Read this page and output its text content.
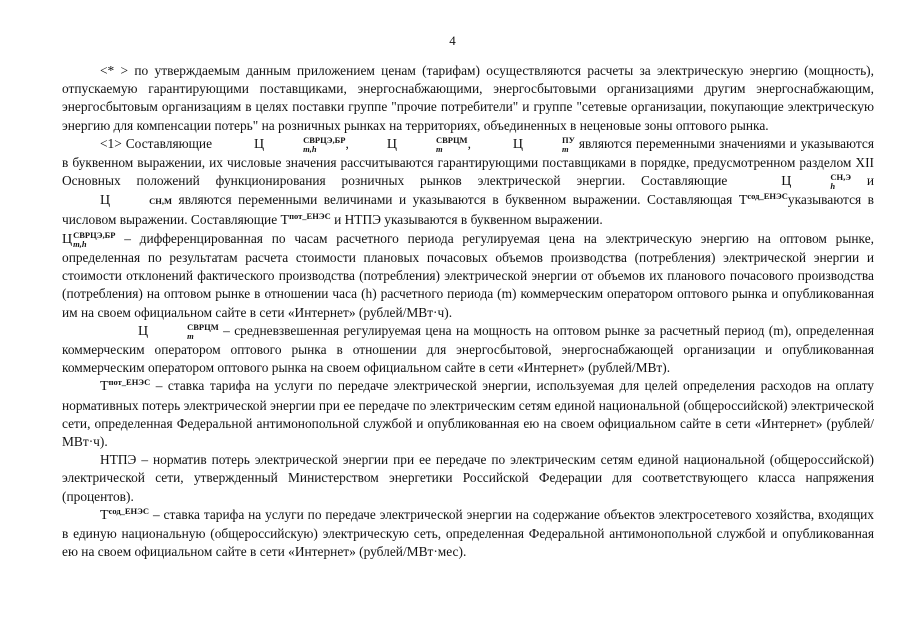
4

<* > по утверждаемым данным приложением ценам (тарифам) осуществляются расчеты за электрическую энергию (мощность), отпускаемую гарантирующими поставщиками, энергоснабжающими, энергосбытовыми организациями другим энергоснабжающим, энергосбытовым организациям в целях поставки группе "прочие потребители" и группе "сетевые организации, покупающие электрическую энергию для компенсации потерь" на розничных рынках на территориях, объединенных в неценовые зоны оптового рынка.

<1> Составляющие	Ц	СВРЦЭ,БР
m,h	,	Ц	СВРЦМ
m	,	Ц	ПУ
m являются переменными значениями и указываются в буквенном выражении, их числовые значения рассчитываются гарантирующими поставщиками в порядке, предусмотренном разделом XII Основных положений функционирования розничных рынков электрической энергии. Составляющие	Ц	СН,Э
h	и Ц	СН,М являются переменными величинами и указываются в буквенном выражении. Составляющая $Т^{сод\_ЕНЭС}указываются$ в числовом выражении. Составляющие $Т^{пот\_ЕНЭС}$ и НТПЭ указываются в буквенном выражении.

Ц СВРЦЭ,БР
m,h	– дифференцированная по часам расчетного периода регулируемая цена на электрическую энергию на оптовом рынке, определенная по результатам расчета стоимости плановых почасовых объемов производства (потребления) электрической энергии и стоимости отклонений фактического производства (потребления) электрической энергии от объемов их планового почасового производства (потребления) на оптовом рынке в отношении часа (h) расчетного периода (m) коммерческим оператором оптового рынка и опубликованная им на своем официальном сайте в сети «Интернет» (рублей/МВт·ч).

Ц	СВРЦМ
m	– средневзвешенная регулируемая цена на мощность на оптовом рынке за расчетный период (m), определенная коммерческим оператором оптового рынка в отношении для энергосбытовой, энергоснабжающей организации и опубликованная коммерческим оператором оптового рынка на своем официальном сайте в сети «Интернет» (рублей/МВт).

$Т^{пот\_ЕНЭС}$ – ставка тарифа на услуги по передаче электрической энергии, используемая для целей определения расходов на оплату нормативных потерь электрической энергии при ее передаче по электрическим сетям единой национальной (общероссийской) электрической сети, определенная Федеральной антимонопольной службой и опубликованная ею на своем официальном сайте в сети «Интернет» (рублей/МВт·ч).

НТПЭ – норматив потерь электрической энергии при ее передаче по электрическим сетям единой национальной (общероссийской) электрической сети, утвержденный Министерством энергетики Российской Федерации для соответствующего класса напряжения (процентов).

$Т^{сод\_ЕНЭС}$ – ставка тарифа на услуги по передаче электрической энергии на содержание объектов электросетевого хозяйства, входящих в единую национальную (общероссийскую) электрическую сеть, определенная Федеральной антимонопольной службой и опубликованная ею на своем официальном сайте в сети «Интернет» (рублей/МВт·мес).
